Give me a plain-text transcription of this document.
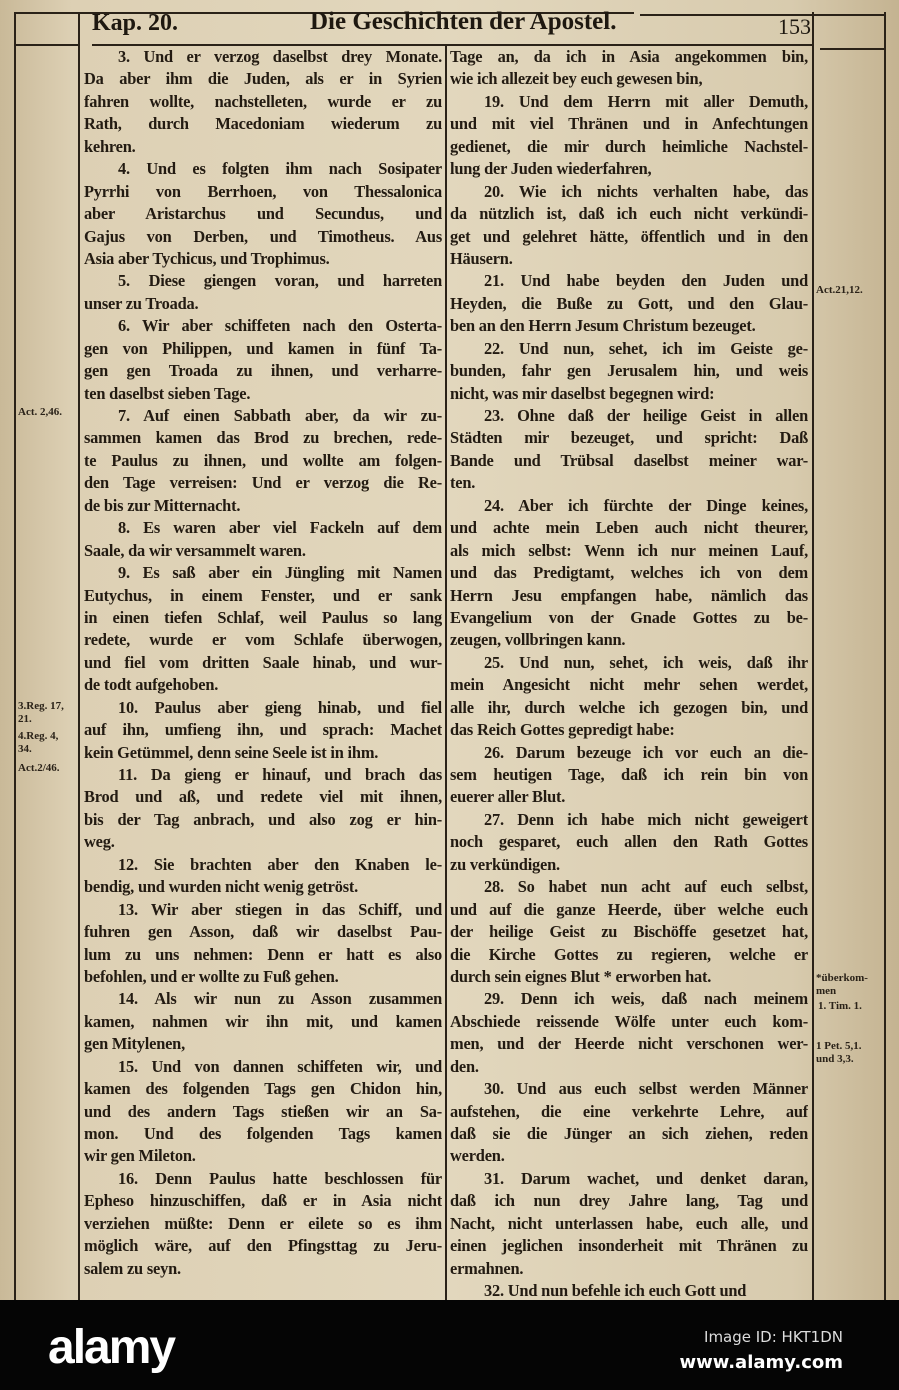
Kap. 20.	Die Geschichten der Apostel.	153
3. Und er verzog daselbst drey Monate.
Da aber ihm die Juden, als er in Syrien
fahren wollte, nachstelleten, wurde er zu
Rath, durch Macedoniam wiederum zu
kehren.
4. Und es folgten ihm nach Sosipater
Pyrrhi von Berrhoen, von Thessalonica
aber Aristarchus und Secundus, und
Gajus von Derben, und Timotheus. Aus
Asia aber Tychicus, und Trophimus.
5. Diese giengen voran, und harreten
unser zu Troada.
6. Wir aber schiffeten nach den Osterta-
gen von Philippen, und kamen in fünf Ta-
gen gen Troada zu ihnen, und verharre-
ten daselbst sieben Tage.
7. Auf einen Sabbath aber, da wir zu-
sammen kamen das Brod zu brechen, rede-
te Paulus zu ihnen, und wollte am folgen-
den Tage verreisen: Und er verzog die Re-
de bis zur Mitternacht.
8. Es waren aber viel Fackeln auf dem
Saale, da wir versammelt waren.
9. Es saß aber ein Jüngling mit Namen
Eutychus, in einem Fenster, und er sank
in einen tiefen Schlaf, weil Paulus so lang
redete, wurde er vom Schlafe überwogen,
und fiel vom dritten Saale hinab, und wur-
de todt aufgehoben.
10. Paulus aber gieng hinab, und fiel
auf ihn, umfieng ihn, und sprach: Machet
kein Getümmel, denn seine Seele ist in ihm.
11. Da gieng er hinauf, und brach das
Brod und aß, und redete viel mit ihnen,
bis der Tag anbrach, und also zog er hin-
weg.
12. Sie brachten aber den Knaben le-
bendig, und wurden nicht wenig getröst.
13. Wir aber stiegen in das Schiff, und
fuhren gen Asson, daß wir daselbst Pau-
lum zu uns nehmen: Denn er hatt es also
befohlen, und er wollte zu Fuß gehen.
14. Als wir nun zu Asson zusammen
kamen, nahmen wir ihn mit, und kamen
gen Mitylenen,
15. Und von dannen schiffeten wir, und
kamen des folgenden Tags gen Chidon hin,
und des andern Tags stießen wir an Sa-
mon. Und des folgenden Tags kamen
wir gen Mileton.
16. Denn Paulus hatte beschlossen für
Epheso hinzuschiffen, daß er in Asia nicht
verziehen müßte: Denn er eilete so es ihm
möglich wäre, auf den Pfingsttag zu Jeru-
salem zu seyn.
Tage an, da ich in Asia angekommen bin,
wie ich allezeit bey euch gewesen bin,
19. Und dem Herrn mit aller Demuth,
und mit viel Thränen und in Anfechtungen
gedienet, die mir durch heimliche Nachstel-
lung der Juden wiederfahren,
20. Wie ich nichts verhalten habe, das
da nützlich ist, daß ich euch nicht verkündi-
get und gelehret hätte, öffentlich und in den
Häusern.
21. Und habe beyden den Juden und
Heyden, die Buße zu Gott, und den Glau-
ben an den Herrn Jesum Christum bezeuget.
22. Und nun, sehet, ich im Geiste ge-
bunden, fahr gen Jerusalem hin, und weis
nicht, was mir daselbst begegnen wird:
23. Ohne daß der heilige Geist in allen
Städten mir bezeuget, und spricht: Daß
Bande und Trübsal daselbst meiner war-
ten.
24. Aber ich fürchte der Dinge keines,
und achte mein Leben auch nicht theurer,
als mich selbst: Wenn ich nur meinen Lauf,
und das Predigtamt, welches ich von dem
Herrn Jesu empfangen habe, nämlich das
Evangelium von der Gnade Gottes zu be-
zeugen, vollbringen kann.
25. Und nun, sehet, ich weis, daß ihr
mein Angesicht nicht mehr sehen werdet,
alle ihr, durch welche ich gezogen bin, und
das Reich Gottes gepredigt habe:
26. Darum bezeuge ich vor euch an die-
sem heutigen Tage, daß ich rein bin von
euerer aller Blut.
27. Denn ich habe mich nicht geweigert
noch gesparet, euch allen den Rath Gottes
zu verkündigen.
28. So habet nun acht auf euch selbst,
und auf die ganze Heerde, über welche euch
der heilige Geist zu Bischöffe gesetzet hat,
die Kirche Gottes zu regieren, welche er
durch sein eignes Blut * erworben hat.
29. Denn ich weis, daß nach meinem
Abschiede reissende Wölfe unter euch kom-
men, und der Heerde nicht verschonen wer-
den.
30. Und aus euch selbst werden Männer
aufstehen, die eine verkehrte Lehre, auf
daß sie die Jünger an sich ziehen, reden
werden.
31. Darum wachet, und denket daran,
daß ich nun drey Jahre lang, Tag und
Nacht, nicht unterlassen habe, euch alle, und
einen jeglichen insonderheit mit Thränen zu
ermahnen.
32. Und nun befehle ich euch Gott und
Act. 2,46.
3.Reg. 17, 21.
4.Reg. 4, 34.
Act.2/46.
Act.21,12.
*überkom- men
1. Tim. 1.
1 Pet. 5,1. und 3,3.
alamy	Image ID: HKT1DN
www.alamy.com
